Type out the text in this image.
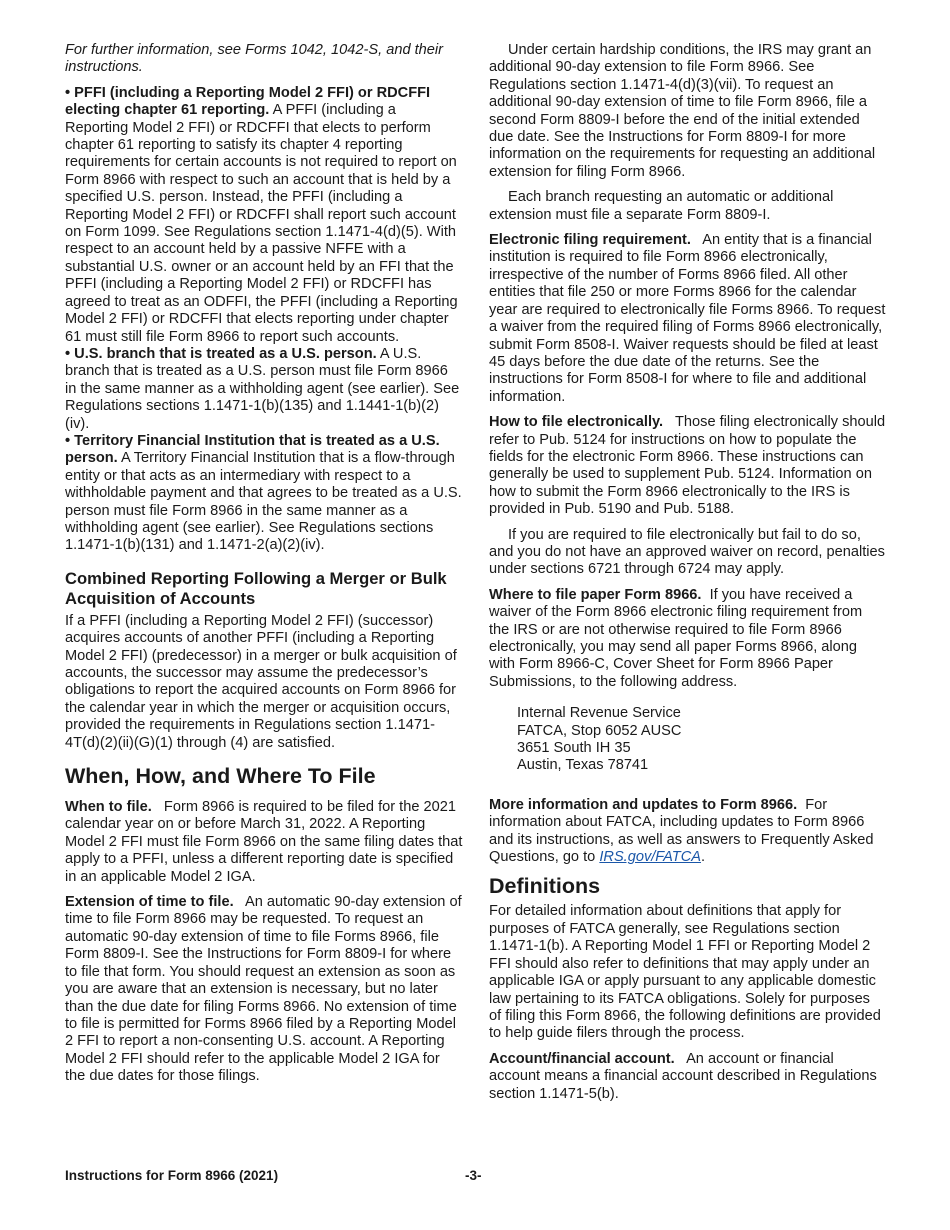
For further information, see Forms 1042, 1042-S, and their instructions.

• PFFI (including a Reporting Model 2 FFI) or RDCFFI electing chapter 61 reporting. A PFFI (including a Reporting Model 2 FFI) or RDCFFI that elects to perform chapter 61 reporting to satisfy its chapter 4 reporting requirements for certain accounts is not required to report on Form 8966 with respect to such an account that is held by a specified U.S. person. Instead, the PFFI (including a Reporting Model 2 FFI) or RDCFFI shall report such account on Form 1099. See Regulations section 1.1471-4(d)(5). With respect to an account held by a passive NFFE with a substantial U.S. owner or an account held by an FFI that the PFFI (including a Reporting Model 2 FFI) or RDCFFI has agreed to treat as an ODFFI, the PFFI (including a Reporting Model 2 FFI) or RDCFFI that elects reporting under chapter 61 must still file Form 8966 to report such accounts.

• U.S. branch that is treated as a U.S. person. A U.S. branch that is treated as a U.S. person must file Form 8966 in the same manner as a withholding agent (see earlier). See Regulations sections 1.1471-1(b)(135) and 1.1441-1(b)(2)(iv).

• Territory Financial Institution that is treated as a U.S. person. A Territory Financial Institution that is a flow-through entity or that acts as an intermediary with respect to a withholdable payment and that agrees to be treated as a U.S. person must file Form 8966 in the same manner as a withholding agent (see earlier). See Regulations sections 1.1471-1(b)(131) and 1.1471-2(a)(2)(iv).

Combined Reporting Following a Merger or Bulk Acquisition of Accounts

If a PFFI (including a Reporting Model 2 FFI) (successor) acquires accounts of another PFFI (including a Reporting Model 2 FFI) (predecessor) in a merger or bulk acquisition of accounts, the successor may assume the predecessor’s obligations to report the acquired accounts on Form 8966 for the calendar year in which the merger or acquisition occurs, provided the requirements in Regulations section 1.1471-4T(d)(2)(ii)(G)(1) through (4) are satisfied.

When, How, and Where To File

When to file. Form 8966 is required to be filed for the 2021 calendar year on or before March 31, 2022. A Reporting Model 2 FFI must file Form 8966 on the same filing dates that apply to a PFFI, unless a different reporting date is specified in an applicable Model 2 IGA.

Extension of time to file. An automatic 90-day extension of time to file Form 8966 may be requested. To request an automatic 90-day extension of time to file Forms 8966, file Form 8809-I. See the Instructions for Form 8809-I for where to file that form. You should request an extension as soon as you are aware that an extension is necessary, but no later than the due date for filing Forms 8966. No extension of time to file is permitted for Forms 8966 filed by a Reporting Model 2 FFI to report a non-consenting U.S. account. A Reporting Model 2 FFI should refer to the applicable Model 2 IGA for the due dates for those filings.

Under certain hardship conditions, the IRS may grant an additional 90-day extension to file Form 8966. See Regulations section 1.1471-4(d)(3)(vii). To request an additional 90-day extension of time to file Form 8966, file a second Form 8809-I before the end of the initial extended due date. See the Instructions for Form 8809-I for more information on the requirements for requesting an additional extension for filing Form 8966.

Each branch requesting an automatic or additional extension must file a separate Form 8809-I.

Electronic filing requirement. An entity that is a financial institution is required to file Form 8966 electronically, irrespective of the number of Forms 8966 filed. All other entities that file 250 or more Forms 8966 for the calendar year are required to electronically file Forms 8966. To request a waiver from the required filing of Forms 8966 electronically, submit Form 8508-I. Waiver requests should be filed at least 45 days before the due date of the returns. See the instructions for Form 8508-I for where to file and additional information.

How to file electronically. Those filing electronically should refer to Pub. 5124 for instructions on how to populate the fields for the electronic Form 8966. These instructions can generally be used to supplement Pub. 5124. Information on how to submit the Form 8966 electronically to the IRS is provided in Pub. 5190 and Pub. 5188.

If you are required to file electronically but fail to do so, and you do not have an approved waiver on record, penalties under sections 6721 through 6724 may apply.

Where to file paper Form 8966. If you have received a waiver of the Form 8966 electronic filing requirement from the IRS or are not otherwise required to file Form 8966 electronically, you may send all paper Forms 8966, along with Form 8966-C, Cover Sheet for Form 8966 Paper Submissions, to the following address.

Internal Revenue Service
FATCA, Stop 6052 AUSC
3651 South IH 35
Austin, Texas 78741

More information and updates to Form 8966. For information about FATCA, including updates to Form 8966 and its instructions, as well as answers to Frequently Asked Questions, go to IRS.gov/FATCA.

Definitions

For detailed information about definitions that apply for purposes of FATCA generally, see Regulations section 1.1471-1(b). A Reporting Model 1 FFI or Reporting Model 2 FFI should also refer to definitions that may apply under an applicable IGA or apply pursuant to any applicable domestic law pertaining to its FATCA obligations. Solely for purposes of filing this Form 8966, the following definitions are provided to help guide filers through the process.

Account/financial account. An account or financial account means a financial account described in Regulations section 1.1471-5(b).

Instructions for Form 8966 (2021)	-3-
